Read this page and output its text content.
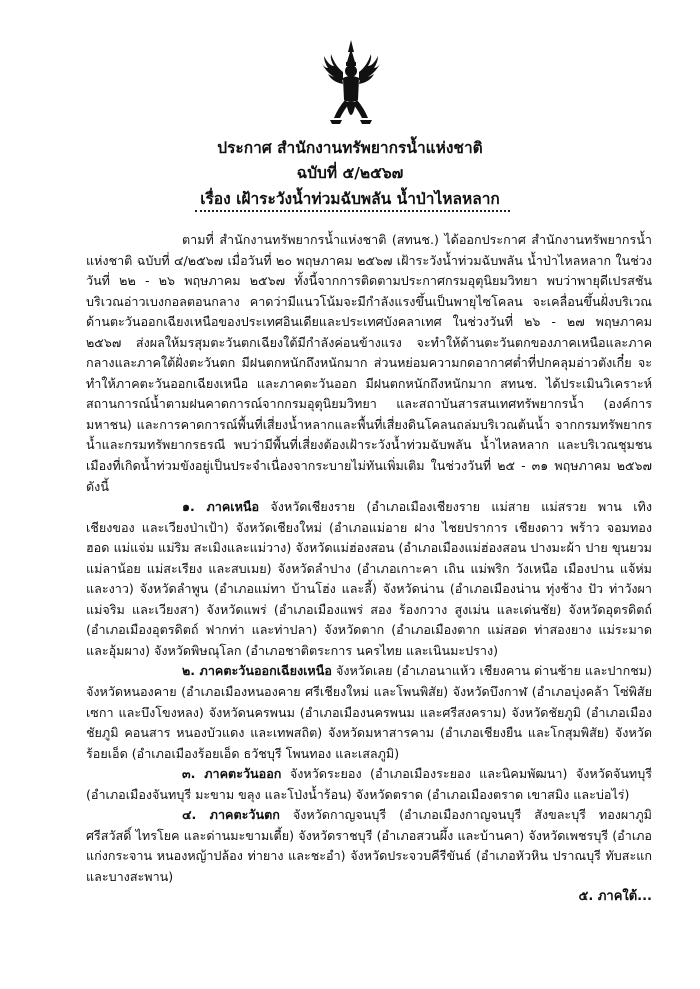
ประกาศ สำนักงานทรัพยากรน้ำแห่งชาติ
ฉบับที่ ๕/๒๕๖๗
เรื่อง เฝ้าระวังน้ำท่วมฉับพลัน น้ำป่าไหลหลาก

ตามที่ สำนักงานทรัพยากรน้ำแห่งชาติ (สทนช.) ได้ออกประกาศ สำนักงานทรัพยากรน้ำแห่งชาติ ฉบับที่ ๔/๒๕๖๗ เมื่อวันที่ ๒๐ พฤษภาคม ๒๕๖๗ เฝ้าระวังน้ำท่วมฉับพลัน น้ำป่าไหลหลาก ในช่วงวันที่ ๒๒ - ๒๖ พฤษภาคม ๒๕๖๗ ทั้งนี้จากการติดตามประกาศกรมอุตุนิยมวิทยา พบว่าพายุดีเปรสชันบริเวณอ่าวเบงกอลตอนกลาง คาดว่ามีแนวโน้มจะมีกำลังแรงขึ้นเป็นพายุไซโคลน จะเคลื่อนขึ้นฝั่งบริเวณด้านตะวันออกเฉียงเหนือของประเทศอินเดียและประเทศบังคลาเทศ ในช่วงวันที่ ๒๖ - ๒๗ พฤษภาคม ๒๕๖๗ ส่งผลให้มรสุมตะวันตกเฉียงใต้มีกำลังค่อนข้างแรง จะทำให้ด้านตะวันตกของภาคเหนือและภาคกลางและภาคใต้ฝั่งตะวันตก มีฝนตกหนักถึงหนักมาก ส่วนหย่อมความกดอากาศต่ำที่ปกคลุมอ่าวตังเกี๋ย จะทำให้ภาคตะวันออกเฉียงเหนือ และภาคตะวันออก มีฝนตกหนักถึงหนักมาก สทนช. ได้ประเมินวิเคราะห์สถานการณ์น้ำตามฝนคาดการณ์จากกรมอุตุนิยมวิทยา และสถาบันสารสนเทศทรัพยากรน้ำ (องค์การมหาชน) และการคาดการณ์พื้นที่เสี่ยงน้ำหลากและพื้นที่เสี่ยงดินโคลนถล่มบริเวณต้นน้ำ จากกรมทรัพยากรน้ำและกรมทรัพยากรธรณี พบว่ามีพื้นที่เสี่ยงต้องเฝ้าระวังน้ำท่วมฉับพลัน น้ำไหลหลาก และบริเวณชุมชนเมืองที่เกิดน้ำท่วมขังอยู่เป็นประจำเนื่องจากระบายไม่ทันเพิ่มเติม ในช่วงวันที่ ๒๕ - ๓๑ พฤษภาคม ๒๕๖๗ ดังนี้

๑. ภาคเหนือ จังหวัดเชียงราย (อำเภอเมืองเชียงราย แม่สาย แม่สรวย พาน เทิง เชียงของ และเวียงป่าเป้า) จังหวัดเชียงใหม่ (อำเภอแม่อาย ฝาง ไชยปราการ เชียงดาว พร้าว จอมทอง ฮอด แม่แจ่ม แม่ริม สะเมิงและแม่วาง) จังหวัดแม่ฮ่องสอน (อำเภอเมืองแม่ฮ่องสอน ปางมะผ้า ปาย ขุนยวม แม่ลาน้อย แม่สะเรียง และสบเมย) จังหวัดลำปาง (อำเภอเกาะคา เถิน แม่พริก วังเหนือ เมืองปาน แจ้ห่ม และงาว) จังหวัดลำพูน (อำเภอแม่ทา บ้านโฮ่ง และลี้) จังหวัดน่าน (อำเภอเมืองน่าน ทุ่งช้าง ปัว ท่าวังผา แม่จริม และเวียงสา) จังหวัดแพร่ (อำเภอเมืองแพร่ สอง ร้องกวาง สูงเม่น และเด่นชัย) จังหวัดอุตรดิตถ์ (อำเภอเมืองอุตรดิตถ์ ฟากท่า และท่าปลา) จังหวัดตาก (อำเภอเมืองตาก แม่สอด ท่าสองยาง แม่ระมาด และอุ้มผาง) จังหวัดพิษณุโลก (อำเภอชาติตระการ นครไทย และเนินมะปราง)

๒. ภาคตะวันออกเฉียงเหนือ จังหวัดเลย (อำเภอนาแห้ว เชียงคาน ด่านซ้าย และปากชม) จังหวัดหนองคาย (อำเภอเมืองหนองคาย ศรีเชียงใหม่ และโพนพิสัย) จังหวัดบึงกาฬ (อำเภอบุ่งคล้า โซ่พิสัย เซกา และบึงโขงหลง) จังหวัดนครพนม (อำเภอเมืองนครพนม และศรีสงคราม) จังหวัดชัยภูมิ (อำเภอเมืองชัยภูมิ คอนสาร หนองบัวแดง และเทพสถิต) จังหวัดมหาสารคาม (อำเภอเชียงยืน และโกสุมพิสัย) จังหวัดร้อยเอ็ด (อำเภอเมืองร้อยเอ็ด ธวัชบุรี โพนทอง และเสลภูมิ)

๓. ภาคตะวันออก จังหวัดระยอง (อำเภอเมืองระยอง และนิคมพัฒนา) จังหวัดจันทบุรี (อำเภอเมืองจันทบุรี มะขาม ขลุง และโป่งน้ำร้อน) จังหวัดตราด (อำเภอเมืองตราด เขาสมิง และบ่อไร่)

๔. ภาคตะวันตก จังหวัดกาญจนบุรี (อำเภอเมืองกาญจนบุรี สังขละบุรี ทองผาภูมิ ศรีสวัสดิ์ ไทรโยค และด่านมะขามเตี้ย) จังหวัดราชบุรี (อำเภอสวนผึ้ง และบ้านคา) จังหวัดเพชรบุรี (อำเภอแก่งกระจาน หนองหญ้าปล้อง ท่ายาง และชะอำ) จังหวัดประจวบคีรีขันธ์ (อำเภอหัวหิน ปราณบุรี ทับสะแก และบางสะพาน)

๕. ภาคใต้...
